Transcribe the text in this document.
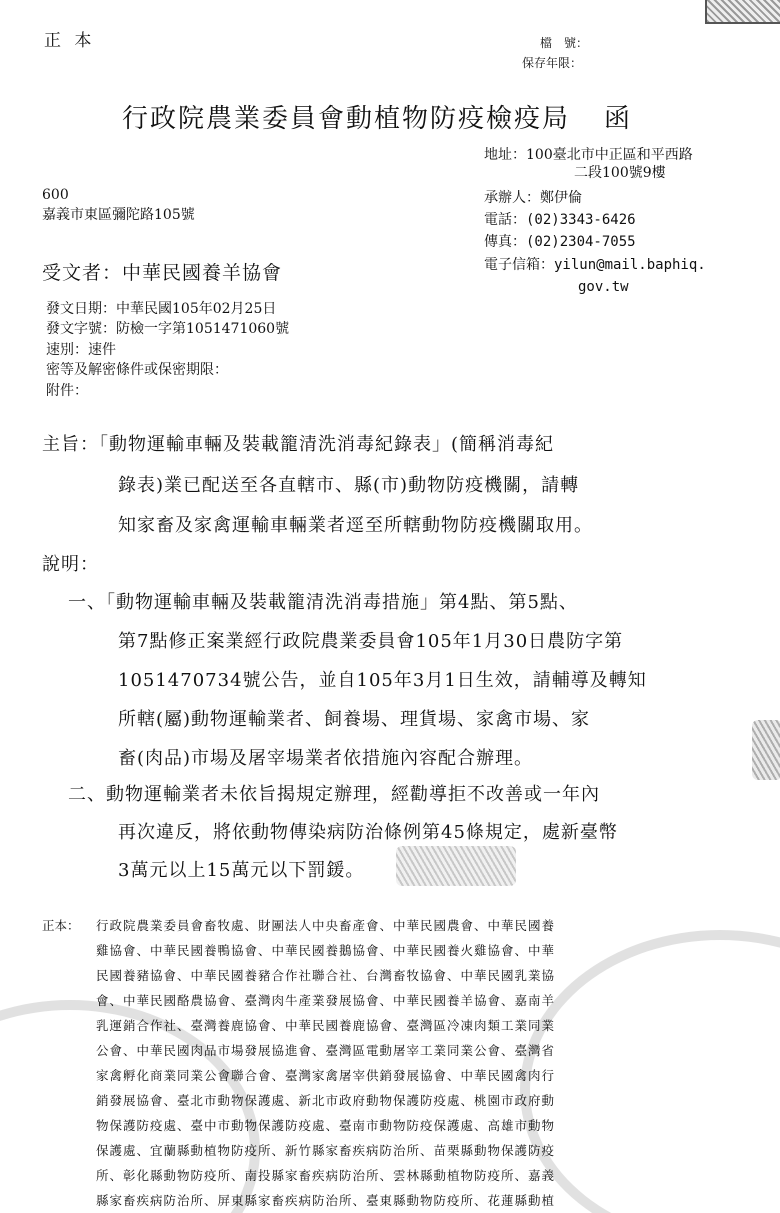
正 本	檔　號：
保存年限：
行政院農業委員會動植物防疫檢疫局 函
地址：100臺北市中正區和平西路
二段100號9樓
承辦人：鄭伊倫
電話：(02)3343-6426
傳真：(02)2304-7055
電子信箱：yilun@mail.baphiq.
gov.tw
600
嘉義市東區彌陀路105號
受文者：中華民國養羊協會
發文日期：中華民國105年02月25日
發文字號：防檢一字第1051471060號
速別：速件
密等及解密條件或保密期限：
附件：
主旨：「動物運輸車輛及裝載籠清洗消毒紀錄表」(簡稱消毒紀
錄表)業已配送至各直轄市、縣(市)動物防疫機關，請轉
知家畜及家禽運輸車輛業者逕至所轄動物防疫機關取用。
說明：
一、「動物運輸車輛及裝載籠清洗消毒措施」第4點、第5點、
第7點修正案業經行政院農業委員會105年1月30日農防字第
1051470734號公告，並自105年3月1日生效，請輔導及轉知
所轄(屬)動物運輸業者、飼養場、理貨場、家禽市場、家
畜(肉品)市場及屠宰場業者依措施內容配合辦理。
二、動物運輸業者未依旨揭規定辦理，經勸導拒不改善或一年內
再次違反，將依動物傳染病防治條例第45條規定，處新臺幣
3萬元以上15萬元以下罰鍰。
正本： 行政院農業委員會畜牧處、財團法人中央畜產會、中華民國農會、中華民國養
雞協會、中華民國養鴨協會、中華民國養鵝協會、中華民國養火雞協會、中華
民國養豬協會、中華民國養豬合作社聯合社、台灣畜牧協會、中華民國乳業協
會、中華民國酪農協會、臺灣肉牛產業發展協會、中華民國養羊協會、嘉南羊
乳運銷合作社、臺灣養鹿協會、中華民國養鹿協會、臺灣區冷凍肉類工業同業
公會、中華民國肉品市場發展協進會、臺灣區電動屠宰工業同業公會、臺灣省
家禽孵化商業同業公會聯合會、臺灣家禽屠宰供銷發展協會、中華民國禽肉行
銷發展協會、臺北市動物保護處、新北市政府動物保護防疫處、桃園市政府動
物保護防疫處、臺中市動物保護防疫處、臺南市動物防疫保護處、高雄市動物
保護處、宜蘭縣動植物防疫所、新竹縣家畜疾病防治所、苗栗縣動物保護防疫
所、彰化縣動物防疫所、南投縣家畜疾病防治所、雲林縣動植物防疫所、嘉義
縣家畜疾病防治所、屏東縣家畜疾病防治所、臺東縣動物防疫所、花蓮縣動植
